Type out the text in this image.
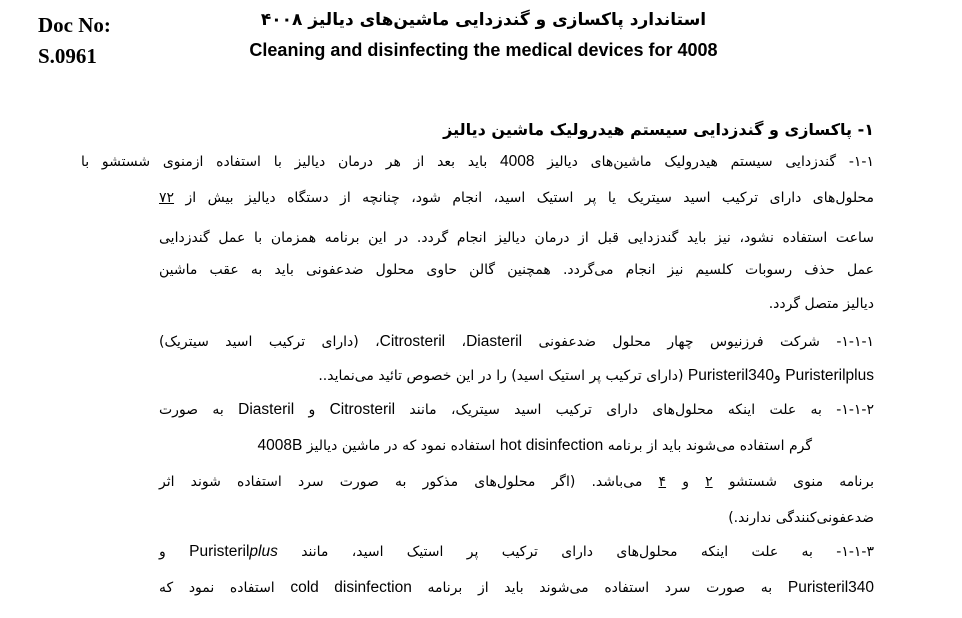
Doc No:
S.0961
استاندارد پاکسازی و گندزدایی ماشین‌های دیالیز ۴۰۰۸
Cleaning and disinfecting the medical devices for 4008
۱- پاکسازی و گندزدایی سیستم هیدرولیک ماشین دیالیز
۱-۱- گندزدایی سیستم هیدرولیک ماشین‌های دیالیز 4008 باید بعد از هر درمان دیالیز با استفاده ازمنوی شستشو با
محلول‌های دارای ترکیب اسید سیتریک یا پر استیک اسید، انجام شود، چنانچه از دستگاه دیالیز بیش از ۷۲
ساعت استفاده نشود، نیز باید گندزدایی قبل از درمان دیالیز انجام گردد. در این برنامه همزمان با عمل گندزدایی
عمل حذف رسوبات کلسیم نیز انجام می‌گردد. همچنین گالن حاوی محلول ضدعفونی باید به عقب ماشین
دیالیز متصل گردد.
۱-۱-۱- شرکت فرزنیوس چهار محلول ضدعفونی Diasteril، Citrosteril، (دارای ترکیب اسید سیتریک)
Puristerilplus وPuristeril340 (دارای ترکیب پر استیک اسید) را در این خصوص تائید می‌نماید..
۱-۱-۲- به علت اینکه محلول‌های دارای ترکیب اسید سیتریک، مانند Citrosteril و Diasteril به صورت
گرم استفاده می‌شوند باید از برنامه hot disinfection استفاده نمود که در ماشین دیالیز 4008B
برنامه منوی شستشو ۲ و ۴ می‌باشد. (اگر محلول‌های مذکور به صورت سرد استفاده شوند اثر
ضدعفونی‌کنندگی ندارند.)
۱-۱-۳- به علت اینکه محلول‌های دارای ترکیب پر استیک اسید، مانند Puristerilplus و
Puristeril340 به صورت سرد استفاده می‌شوند باید از برنامه cold disinfection استفاده نمود که
